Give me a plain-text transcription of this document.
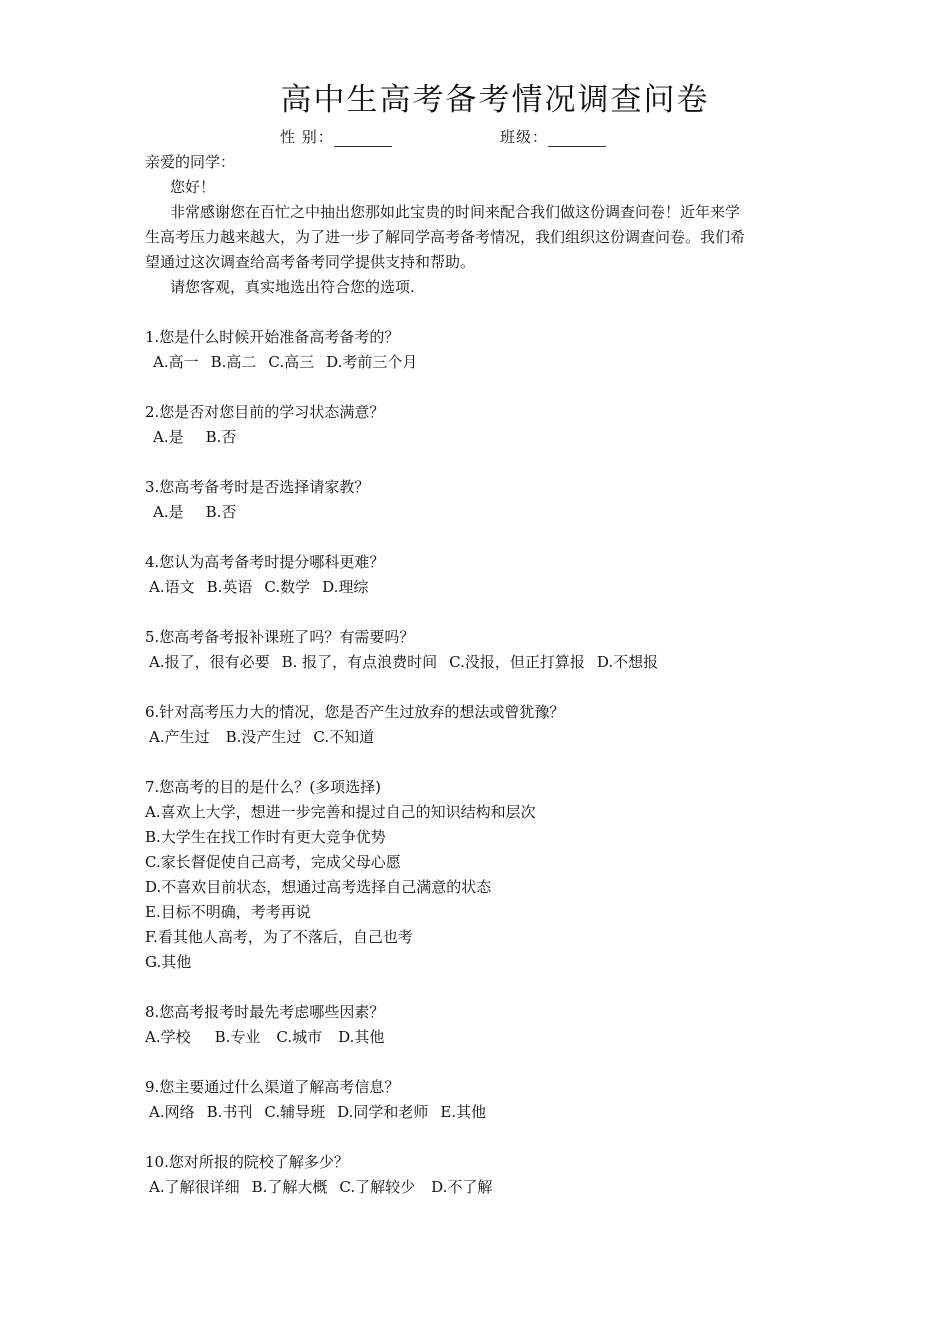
高中生高考备考情况调查问卷
性 别：	班级：

亲爱的同学：

您好！

非常感谢您在百忙之中抽出您那如此宝贵的时间来配合我们做这份调查问卷！近年来学

生高考压力越来越大，为了进一步了解同学高考备考情况，我们组织这份调查问卷。我们希

望通过这次调查给高考备考同学提供支持和帮助。

请您客观，真实地选出符合您的选项.

1.您是什么时候开始准备高考备考的？

A.高一 B.高二 C.高三 D.考前三个月

2.您是否对您目前的学习状态满意？

A.是 B.否

3.您高考备考时是否选择请家教？

A.是 B.否

4.您认为高考备考时提分哪科更难？

A.语文 B.英语 C.数学 D.理综

5.您高考备考报补课班了吗？有需要吗？

A.报了，很有必要 B. 报了，有点浪费时间 C.没报，但正打算报 D.不想报

6.针对高考压力大的情况，您是否产生过放弃的想法或曾犹豫？

A.产生过 B.没产生过 C.不知道

7.您高考的目的是什么？(多项选择)

A.喜欢上大学，想进一步完善和提过自己的知识结构和层次

B.大学生在找工作时有更大竞争优势

C.家长督促使自己高考，完成父母心愿

D.不喜欢目前状态，想通过高考选择自己满意的状态

E.目标不明确，考考再说

F.看其他人高考，为了不落后，自己也考

G.其他

8.您高考报考时最先考虑哪些因素？

A.学校 B.专业 C.城市 D.其他

9.您主要通过什么渠道了解高考信息？

A.网络 B.书刊 C.辅导班 D.同学和老师 E.其他

10.您对所报的院校了解多少？

A.了解很详细 B.了解大概 C.了解较少 D.不了解
